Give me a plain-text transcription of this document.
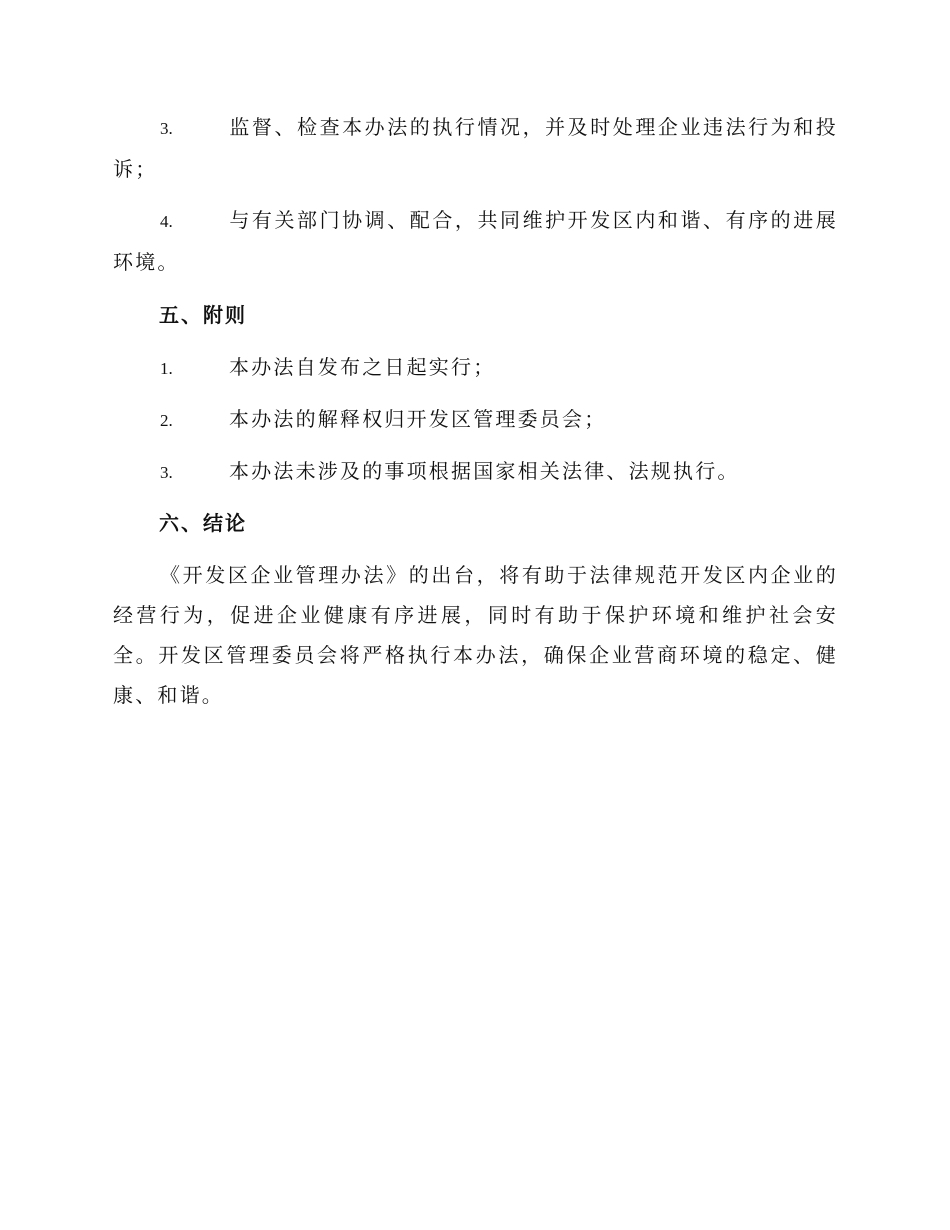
3.	监督、检查本办法的执行情况，并及时处理企业违法行为和投诉；
4.	与有关部门协调、配合，共同维护开发区内和谐、有序的进展环境。
五、附则
1.	本办法自发布之日起实行；
2.	本办法的解释权归开发区管理委员会；
3.	本办法未涉及的事项根据国家相关法律、法规执行。
六、结论
《开发区企业管理办法》的出台，将有助于法律规范开发区内企业的经营行为，促进企业健康有序进展，同时有助于保护环境和维护社会安全。开发区管理委员会将严格执行本办法，确保企业营商环境的稳定、健康、和谐。
